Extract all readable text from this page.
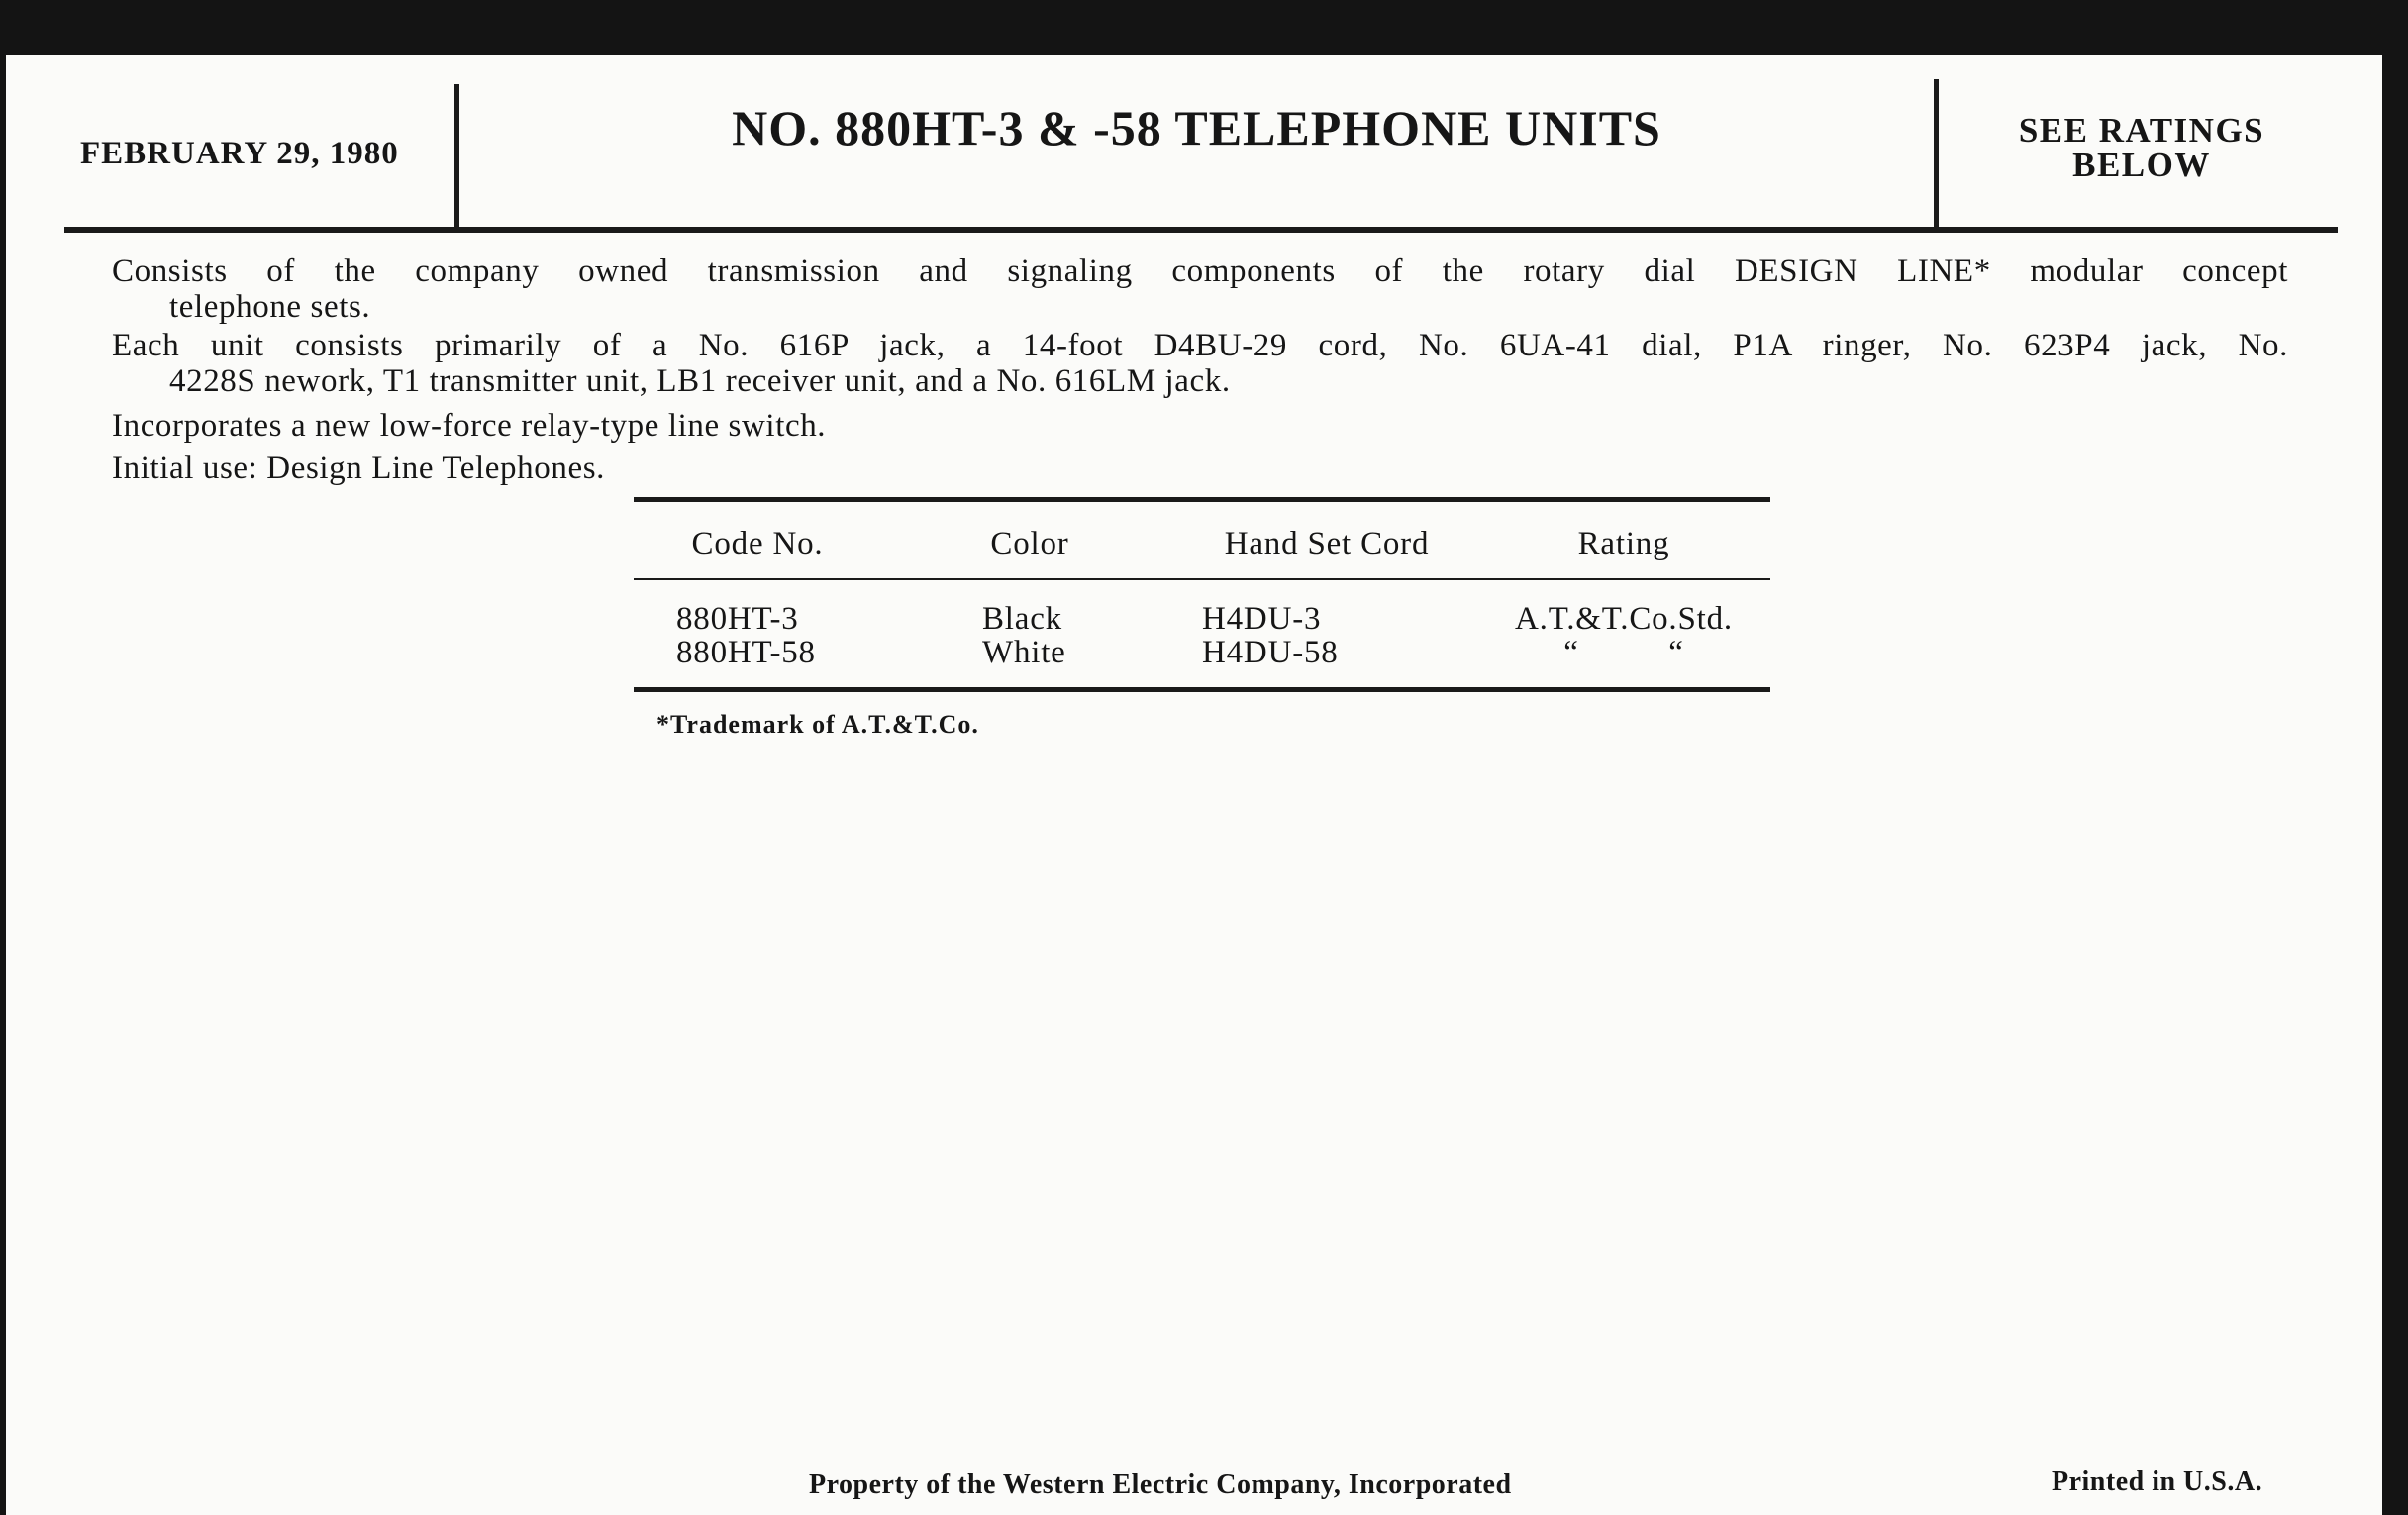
FEBRUARY 29, 1980	NO. 880HT-3 & -58 TELEPHONE UNITS	SEE RATINGS
BELOW
Consists of the company owned transmission and signaling components of the rotary dial DESIGN LINE* modular concept
telephone sets.
Each unit consists primarily of a No. 616P jack, a 14-foot D4BU-29 cord, No. 6UA-41 dial, P1A ringer, No. 623P4 jack, No.
4228S nework, T1 transmitter unit, LB1 receiver unit, and a No. 616LM jack.
Incorporates a new low-force relay-type line switch.
Initial use: Design Line Telephones.
Code No.	Color	Hand Set Cord	Rating
880HT-3	Black	H4DU-3	A.T.&T.Co.Std.
880HT-58	White	H4DU-58	“          “
*Trademark of A.T.&T.Co.
Property of the Western Electric Company, Incorporated	Printed in U.S.A.
